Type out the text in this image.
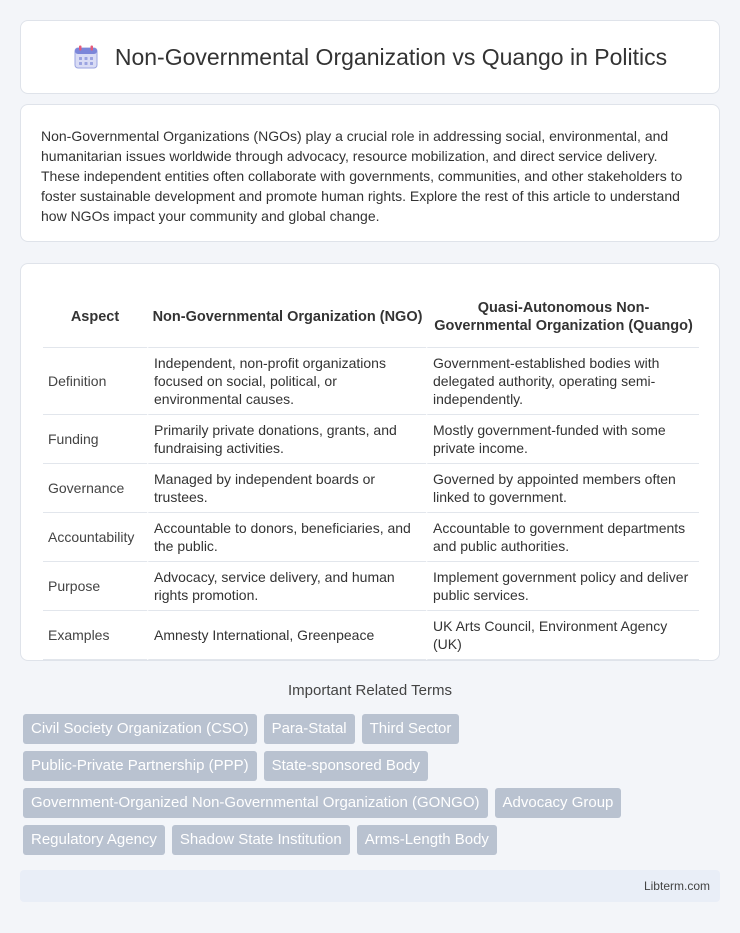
Non-Governmental Organization vs Quango in Politics

Non-Governmental Organizations (NGOs) play a crucial role in addressing social, environmental, and humanitarian issues worldwide through advocacy, resource mobilization, and direct service delivery. These independent entities often collaborate with governments, communities, and other stakeholders to foster sustainable development and promote human rights. Explore the rest of this article to understand how NGOs impact your community and global change.

Aspect	Non-Governmental Organization (NGO)	Quasi-Autonomous Non-Governmental Organization (Quango)
Definition	Independent, non-profit organizations focused on social, political, or environmental causes.	Government-established bodies with delegated authority, operating semi-independently.
Funding	Primarily private donations, grants, and fundraising activities.	Mostly government-funded with some private income.
Governance	Managed by independent boards or trustees.	Governed by appointed members often linked to government.
Accountability	Accountable to donors, beneficiaries, and the public.	Accountable to government departments and public authorities.
Purpose	Advocacy, service delivery, and human rights promotion.	Implement government policy and deliver public services.
Examples	Amnesty International, Greenpeace	UK Arts Council, Environment Agency (UK)
Important Related Terms
Civil Society Organization (CSO)	Para-Statal	Third Sector
Public-Private Partnership (PPP)	State-sponsored Body
Government-Organized Non-Governmental Organization (GONGO)	Advocacy Group
Regulatory Agency	Shadow State Institution	Arms-Length Body
Libterm.com
